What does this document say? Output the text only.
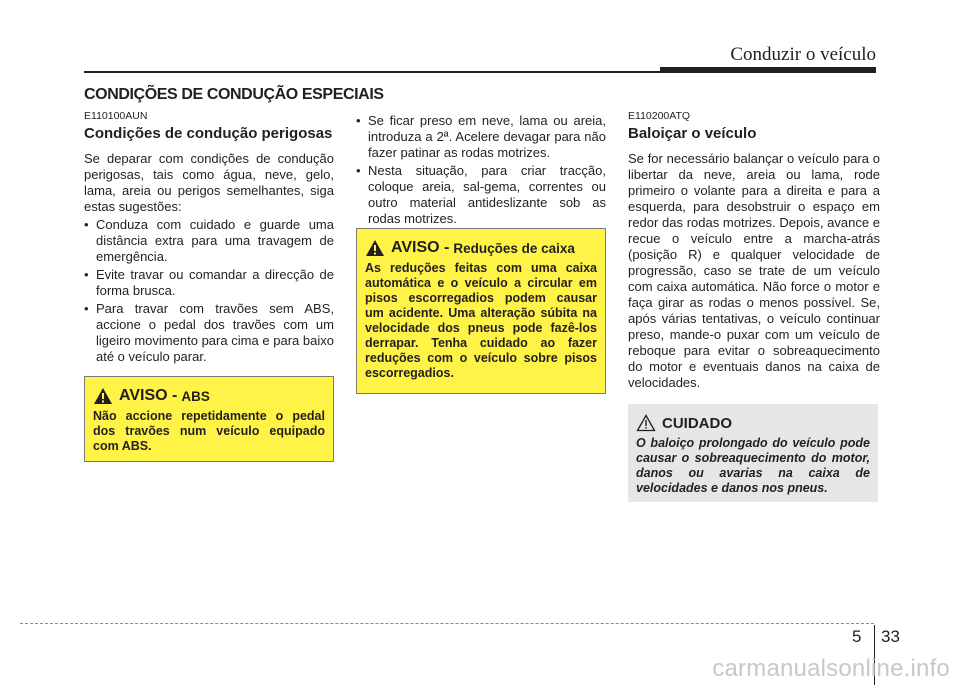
Conduzir o veículo
CONDIÇÕES DE CONDUÇÃO ESPECIAIS
E110100AUN
Condições de condução perigosas

Se deparar com condições de condução perigosas, tais como água, neve, gelo, lama, areia ou perigos semelhantes, siga estas sugestões:

• Conduza com cuidado e guarde uma distância extra para uma travagem de emergência.
• Evite travar ou comandar a direcção de forma brusca.
• Para travar com travões sem ABS, accione o pedal dos travões com um ligeiro movimento para cima e para baixo até o veículo parar.
• Se ficar preso em neve, lama ou areia, introduza a 2ª. Acelere devagar para não fazer patinar as rodas motrizes.
• Nesta situação, para criar tracção, coloque areia, sal-gema, correntes ou outro material antideslizante sob as rodas motrizes.
AVISO - ABS
Não accione repetidamente o pedal dos travões num veículo equipado com ABS.
AVISO - Reduções de caixa
As reduções feitas com uma caixa automática e o veículo a circular em pisos escorregadios podem causar um acidente. Uma alteração súbita na velocidade dos pneus pode fazê-los derrapar. Tenha cuidado ao fazer reduções com o veículo sobre pisos escorregadios.
E110200ATQ
Baloiçar o veículo

Se for necessário balançar o veículo para o libertar da neve, areia ou lama, rode primeiro o volante para a direita e para a esquerda, para desobstruir o espaço em redor das rodas motrizes. Depois, avance e recue o veículo entre a marcha-atrás (posição R) e qualquer velocidade de progressão, caso se trate de um veículo com caixa automática. Não force o motor e faça girar as rodas o menos possível. Se, após várias tentativas, o veículo continuar preso, mande-o puxar com um veículo de reboque para evitar o sobreaquecimento do motor e eventuais danos na caixa de velocidades.

CUIDADO
O baloiço prolongado do veículo pode causar o sobreaquecimento do motor, danos ou avarias na caixa de velocidades e danos nos pneus.
5 33
carmanualsonline.info
